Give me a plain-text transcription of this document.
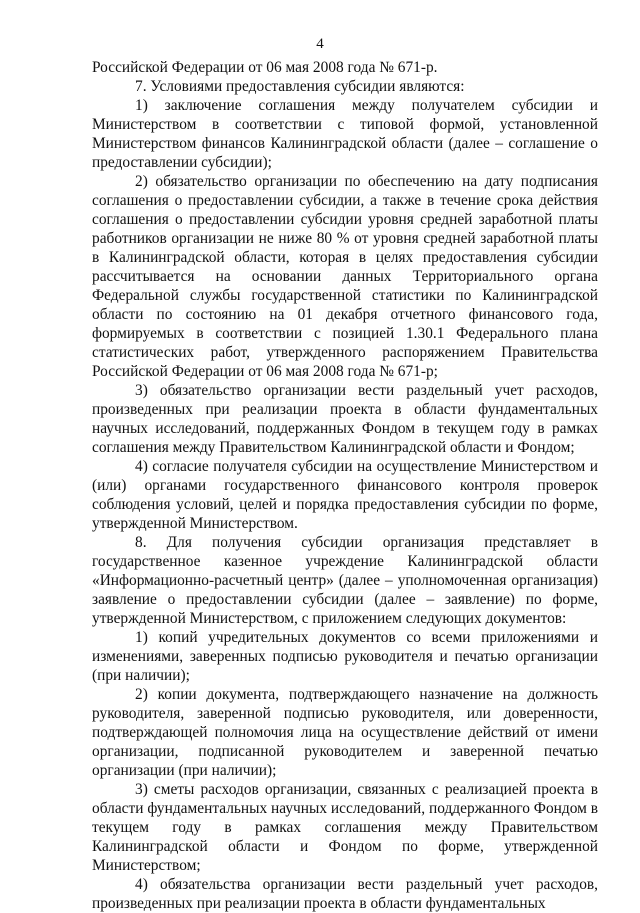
4

Российской Федерации от 06 мая 2008 года № 671-р.

7. Условиями предоставления субсидии являются:

1) заключение соглашения между получателем субсидии и Министерством в соответствии с типовой формой, установленной Министерством финансов Калининградской области (далее – соглашение о предоставлении субсидии);

2) обязательство организации по обеспечению на дату подписания соглашения о предоставлении субсидии, а также в течение срока действия соглашения о предоставлении субсидии уровня средней заработной платы работников организации не ниже 80 % от уровня средней заработной платы в Калининградской области, которая в целях предоставления субсидии рассчитывается на основании данных Территориального органа Федеральной службы государственной статистики по Калининградской области по состоянию на 01 декабря отчетного финансового года, формируемых в соответствии с позицией 1.30.1 Федерального плана статистических работ, утвержденного распоряжением Правительства Российской Федерации от 06 мая 2008 года № 671-р;

3) обязательство организации вести раздельный учет расходов, произведенных при реализации проекта в области фундаментальных научных исследований, поддержанных Фондом в текущем году в рамках соглашения между Правительством Калининградской области и Фондом;

4) согласие получателя субсидии на осуществление Министерством и (или) органами государственного финансового контроля проверок соблюдения условий, целей и порядка предоставления субсидии по форме, утвержденной Министерством.

8. Для получения субсидии организация представляет в государственное казенное учреждение Калининградской области «Информационно-расчетный центр» (далее – уполномоченная организация) заявление о предоставлении субсидии (далее – заявление) по форме, утвержденной Министерством, с приложением следующих документов:

1) копий учредительных документов со всеми приложениями и изменениями, заверенных подписью руководителя и печатью организации (при наличии);

2) копии документа, подтверждающего назначение на должность руководителя, заверенной подписью руководителя, или доверенности, подтверждающей полномочия лица на осуществление действий от имени организации, подписанной руководителем и заверенной печатью организации (при наличии);

3) сметы расходов организации, связанных с реализацией проекта в области фундаментальных научных исследований, поддержанного Фондом в текущем году в рамках соглашения между Правительством Калининградской области и Фондом по форме, утвержденной Министерством;

4) обязательства организации вести раздельный учет расходов, произведенных при реализации проекта в области фундаментальных
